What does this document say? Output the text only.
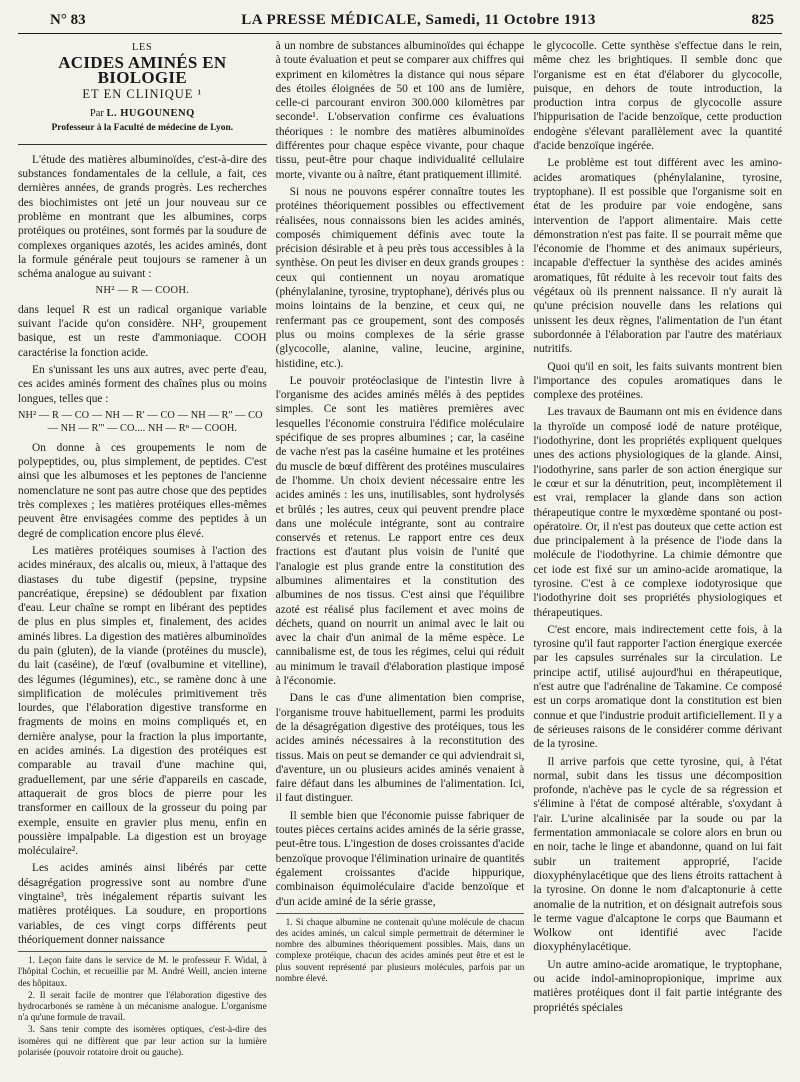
N° 83	LA PRESSE MÉDICALE, Samedi, 11 Octobre 1913	825
LES
ACIDES AMINÉS EN BIOLOGIE
ET EN CLINIQUE ¹
Par L. HUGOUNENQ
Professeur à la Faculté de médecine de Lyon.

L'étude des matières albuminoïdes, c'est-à-dire des substances fondamentales de la cellule, a fait, ces dernières années, de grands progrès. Les recherches des biochimistes ont jeté un jour nouveau sur ce problème en montrant que les albumines, corps protéiques ou protéines, sont formés par la soudure de complexes organiques azotés, les acides aminés, dont la formule générale peut toujours se ramener à un schéma analogue au suivant :

NH² — R — COOH.

dans lequel R est un radical organique variable suivant l'acide qu'on considère. NH², groupement basique, est un reste d'ammoniaque. COOH caractérise la fonction acide.

En s'unissant les uns aux autres, avec perte d'eau, ces acides aminés forment des chaînes plus ou moins longues, telles que :

NH² — R — CO — NH — R' — CO — NH — R'' — CO
— NH — R''' — CO.... NH — Rⁿ — COOH.

On donne à ces groupements le nom de polypeptides, ou, plus simplement, de peptides. C'est ainsi que les albumoses et les peptones de l'ancienne nomenclature ne sont pas autre chose que des peptides très complexes ; les matières protéiques elles-mêmes peuvent être envisagées comme des peptides à un degré de complication encore plus élevé.

Les matières protéiques soumises à l'action des acides minéraux, des alcalis ou, mieux, à l'attaque des diastases du tube digestif (pepsine, trypsine pancréatique, érepsine) se dédoublent par fixation d'eau. Leur chaîne se rompt en libérant des peptides de plus en plus simples et, finalement, des acides aminés libres. La digestion des matières albuminoïdes du pain (gluten), de la viande (protéines du muscle), du lait (caséine), de l'œuf (ovalbumine et vitelline), des légumes (légumines), etc., se ramène donc à une simplification de molécules primitivement très lourdes, que l'élaboration digestive transforme en fragments de moins en moins compliqués et, en dernière analyse, pour la fraction la plus importante, en acides aminés. La digestion des protéiques est comparable au travail d'une machine qui, graduellement, par une série d'appareils en cascade, attaquerait de gros blocs de pierre pour les transformer en cailloux de la grosseur du poing par exemple, ensuite en gravier plus menu, enfin en poussière impalpable. La digestion est un broyage moléculaire².

Les acides aminés ainsi libérés par cette désagrégation progressive sont au nombre d'une vingtaine³, très inégalement répartis suivant les matières protéiques. La soudure, en proportions variables, de ces vingt corps différents peut théoriquement donner naissance

1. Leçon faite dans le service de M. le professeur F. Widal, à l'hôpital Cochin, et recueillie par M. André Weill, ancien interne des hôpitaux.

2. Il serait facile de montrer que l'élaboration digestive des hydrocarbonés se ramène à un mécanisme analogue. L'organisme n'a qu'une formule de travail.

3. Sans tenir compte des isomères optiques, c'est-à-dire des isomères qui ne diffèrent que par leur action sur la lumière polarisée (pouvoir rotatoire droit ou gauche).

à un nombre de substances albuminoïdes qui échappe à toute évaluation et peut se comparer aux chiffres qui expriment en kilomètres la distance qui nous sépare des étoiles éloignées de 50 et 100 ans de lumière, celle-ci parcourant environ 300.000 kilomètres par seconde¹. L'observation confirme ces évaluations théoriques : le nombre des matières albuminoïdes différentes pour chaque espèce vivante, pour chaque tissu, peut-être pour chaque individualité cellulaire morte, vivante ou à naître, étant pratiquement illimité.

Si nous ne pouvons espérer connaître toutes les protéines théoriquement possibles ou effectivement réalisées, nous connaissons bien les acides aminés, composés chimiquement définis avec toute la précision désirable et à peu près tous accessibles à la synthèse. On peut les diviser en deux grands groupes : ceux qui contiennent un noyau aromatique (phénylalanine, tyrosine, tryptophane), dérivés plus ou moins lointains de la benzine, et ceux qui, ne renfermant pas ce groupement, sont des composés plus ou moins complexes de la série grasse (glycocolle, alanine, valine, leucine, arginine, histidine, etc.).

Le pouvoir protéoclasique de l'intestin livre à l'organisme des acides aminés mêlés à des peptides simples. Ce sont les matières premières avec lesquelles l'économie construira l'édifice moléculaire spécifique de ses propres albumines ; car, la caséine de vache n'est pas la caséine humaine et les protéines du muscle de bœuf diffèrent des protéines musculaires de l'homme. Un choix devient nécessaire entre les acides aminés : les uns, inutilisables, sont hydrolysés et brûlés ; les autres, ceux qui peuvent prendre place dans une molécule intégrante, sont au contraire conservés et retenus. Le rapport entre ces deux fractions est d'autant plus voisin de l'unité que l'analogie est plus grande entre la constitution des albumines alimentaires et la constitution des albumines de nos tissus. C'est ainsi que l'équilibre azoté est réalisé plus facilement et avec moins de déchets, quand on nourrit un animal avec le lait ou avec la chair d'un animal de la même espèce. Le cannibalisme est, de tous les régimes, celui qui réduit au minimum le travail d'élaboration plastique imposé à l'économie.

Dans le cas d'une alimentation bien comprise, l'organisme trouve habituellement, parmi les produits de la désagrégation digestive des protéiques, tous les acides aminés nécessaires à la reconstitution des tissus. Mais on peut se demander ce qui adviendrait si, d'aventure, un ou plusieurs acides aminés venaient à faire défaut dans les albumines de l'alimentation. Ici, il faut distinguer.

Il semble bien que l'économie puisse fabriquer de toutes pièces certains acides aminés de la série grasse, peut-être tous. L'ingestion de doses croissantes d'acide benzoïque provoque l'élimination urinaire de quantités également croissantes d'acide hippurique, combinaison équimoléculaire d'acide benzoïque et d'un acide aminé de la série grasse,

1. Si chaque albumine ne contenait qu'une molécule de chacun des acides aminés, un calcul simple permettrait de déterminer le nombre des albumines théoriquement possibles. Mais, dans un complexe protéique, chacun des acides aminés peut être et est le plus souvent représenté par plusieurs molécules, parfois par un nombre élevé.

le glycocolle. Cette synthèse s'effectue dans le rein, même chez les brightiques. Il semble donc que l'organisme est en état d'élaborer du glycocolle, puisque, en dehors de toute introduction, la production intra corpus de glycocolle assure l'hippurisation de l'acide benzoïque, cette production endogène s'élevant parallèlement avec la quantité d'acide benzoïque ingérée.

Le problème est tout différent avec les amino-acides aromatiques (phénylalanine, tyrosine, tryptophane). Il est possible que l'organisme soit en état de les produire par voie endogène, sans intervention de l'apport alimentaire. Mais cette démonstration n'est pas faite. Il se pourrait même que l'économie de l'homme et des animaux supérieurs, incapable d'effectuer la synthèse des acides aminés aromatiques, fût réduite à les recevoir tout faits des végétaux où ils prennent naissance. Il n'y aurait là qu'une précision nouvelle dans les relations qui unissent les deux règnes, l'alimentation de l'un étant subordonnée à l'élaboration par l'autre des matériaux nutritifs.

Quoi qu'il en soit, les faits suivants montrent bien l'importance des copules aromatiques dans le complexe des protéines.

Les travaux de Baumann ont mis en évidence dans la thyroïde un composé iodé de nature protéique, l'iodothyrine, dont les propriétés expliquent quelques unes des actions physiologiques de la glande. Ainsi, l'iodothyrine, sans parler de son action énergique sur le cœur et sur la dénutrition, peut, incomplètement il est vrai, remplacer la glande dans son action thérapeutique contre le myxœdème spontané ou post-opératoire. Or, il n'est pas douteux que cette action est due principalement à la présence de l'iode dans la molécule de l'iodothyrine. La chimie démontre que cet iode est fixé sur un amino-acide aromatique, la tyrosine. C'est à ce complexe iodotyrosique que l'iodothyrine doit ses propriétés physiologiques et thérapeutiques.

C'est encore, mais indirectement cette fois, à la tyrosine qu'il faut rapporter l'action énergique exercée par les capsules surrénales sur la circulation. Le principe actif, utilisé aujourd'hui en thérapeutique, n'est autre que l'adrénaline de Takamine. Ce composé est un corps aromatique dont la constitution est bien connue et que l'industrie produit artificiellement. Il y a de sérieuses raisons de le considérer comme dérivant de la tyrosine.

Il arrive parfois que cette tyrosine, qui, à l'état normal, subit dans les tissus une décomposition profonde, n'achève pas le cycle de sa régression et s'élimine à l'état de composé altérable, s'oxydant à l'air. L'urine alcalinisée par la soude ou par la fermentation ammoniacale se colore alors en brun ou en noir, tache le linge et abandonne, quand on lui fait subir un traitement approprié, l'acide dioxyphénylacétique que des liens étroits rattachent à la tyrosine. On donne le nom d'alcaptonurie à cette anomalie de la nutrition, et on désignait autrefois sous le terme vague d'alcaptone le corps que Baumann et Wolkow ont identifié avec l'acide dioxyphénylacétique.

Un autre amino-acide aromatique, le tryptophane, ou acide indol-aminopropionique, imprime aux matières protéiques dont il fait partie intégrante des propriétés spéciales
